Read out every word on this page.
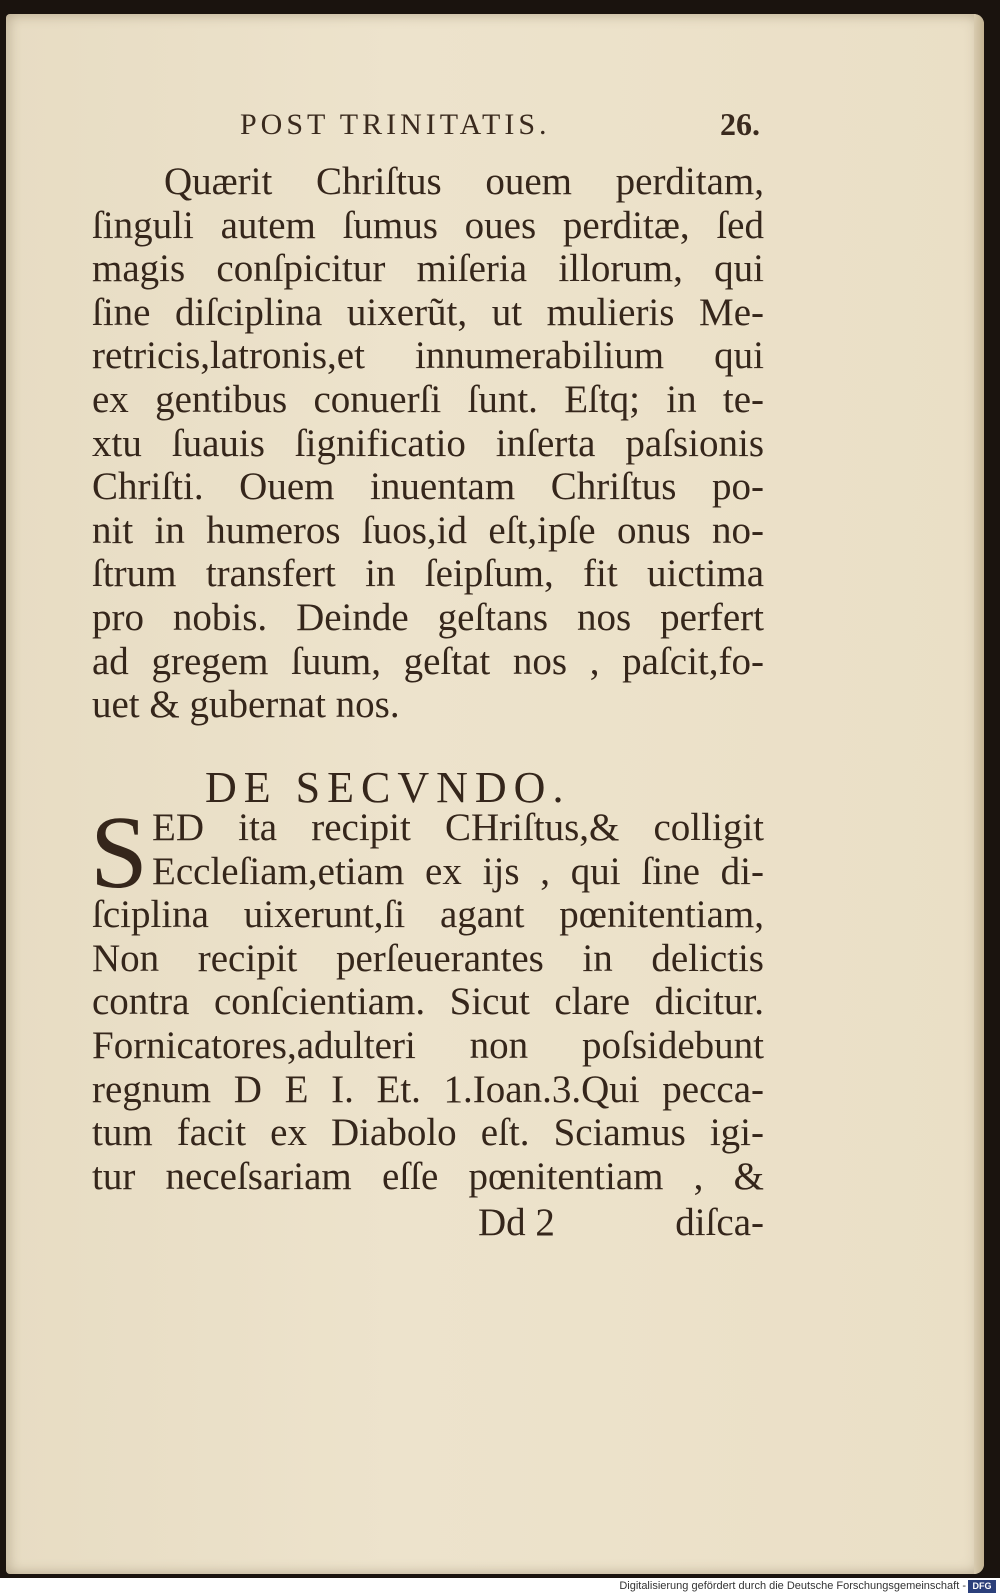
POST TRINITATIS.	26.
Quærit Chriſtus ouem perditam,
ſinguli autem ſumus oues perditæ, ſed
magis conſpicitur miſeria illorum, qui
ſine diſciplina uixerũt, ut mulieris Me-
retricis,latronis,et innumerabilium qui
ex gentibus conuerſi ſunt. Eſtq; in te-
xtu ſuauis ſignificatio inſerta paſsionis
Chriſti. Ouem inuentam Chriſtus po-
nit in humeros ſuos,id eſt,ipſe onus no-
ſtrum transfert in ſeipſum, fit uictima
pro nobis. Deinde geſtans nos perfert
ad gregem ſuum, geſtat nos , paſcit,fo-
uet & gubernat nos.
DE SECVNDO.
S ED ita recipit CHriſtus,& colligit
Eccleſiam,etiam ex ijs , qui ſine di-
ſciplina uixerunt,ſi agant pœnitentiam,
Non recipit perſeuerantes in delictis
contra conſcientiam. Sicut clare dicitur.
Fornicatores,adulteri non poſsidebunt
regnum D E I. Et. 1.Ioan.3.Qui pecca-
tum facit ex Diabolo eſt. Sciamus igi-
tur neceſsariam eſſe pœnitentiam , &
Dd 2	diſca-
Digitalisierung gefördert durch die Deutsche Forschungsgemeinschaft - DFG
